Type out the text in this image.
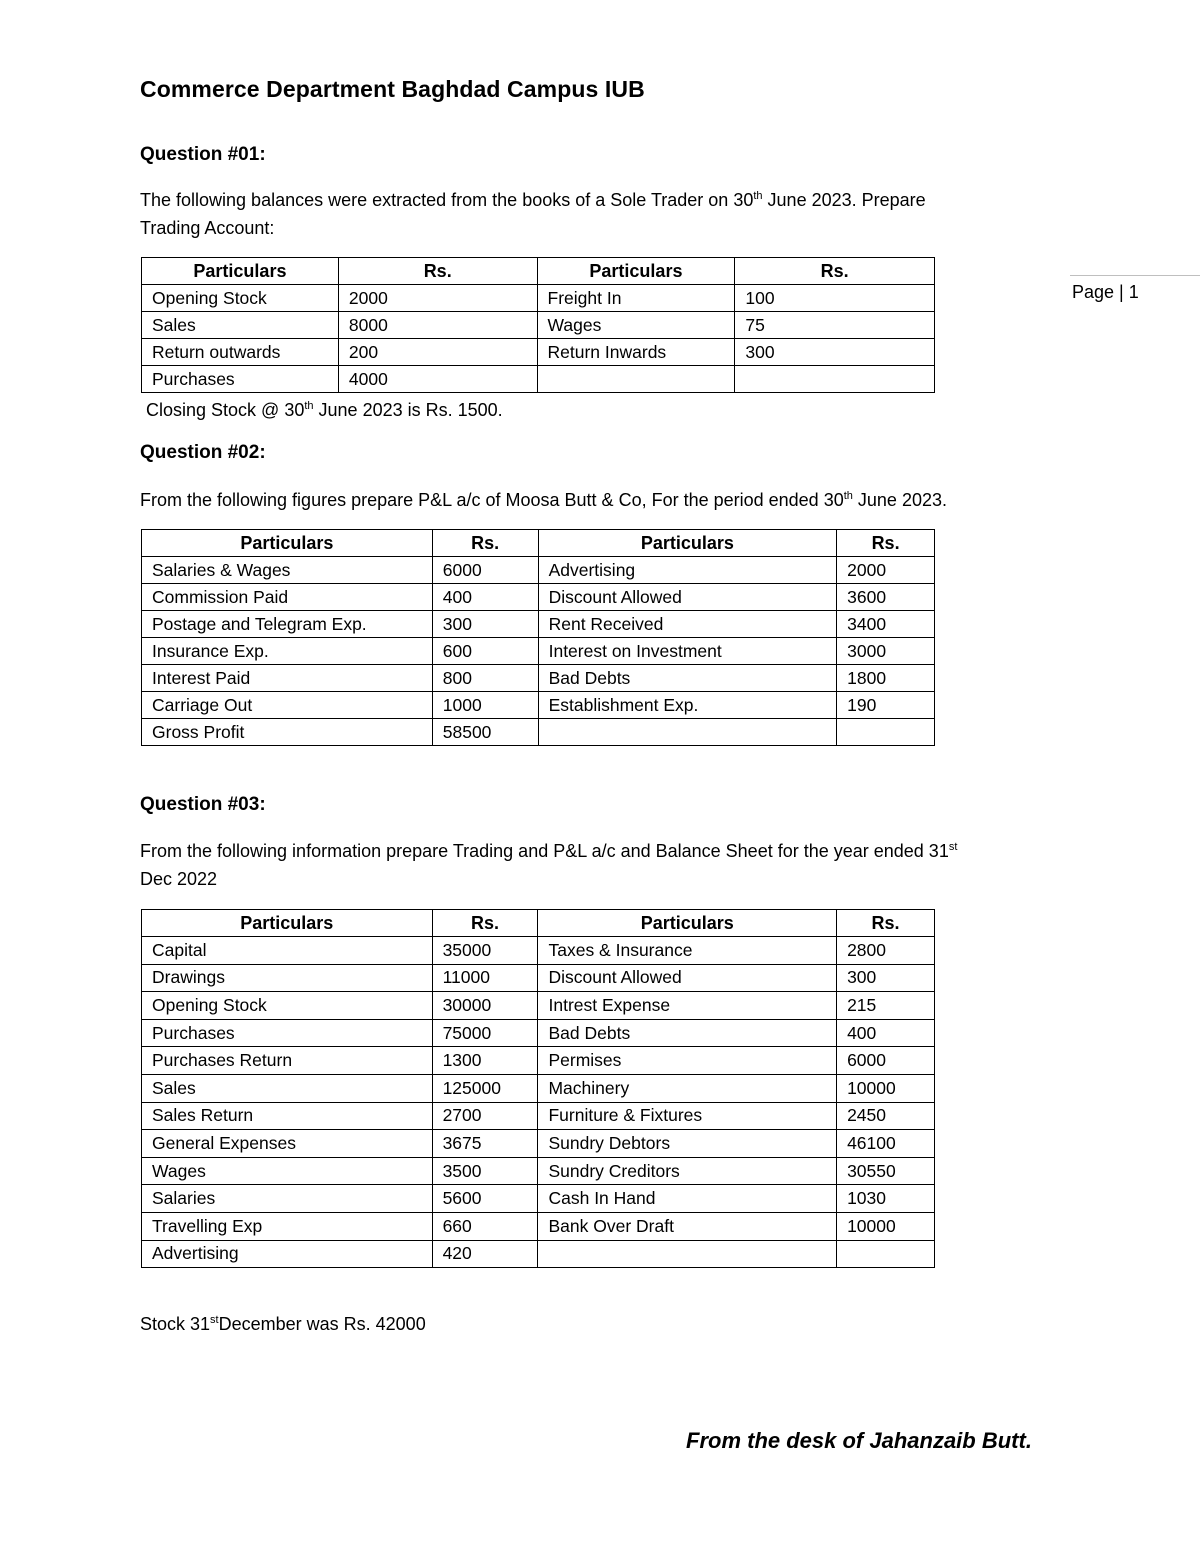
Commerce Department Baghdad Campus IUB
Page | 1
Question #01:
The following balances were extracted from the books of a Sole Trader on 30th June 2023. Prepare
Trading Account:
Particulars	Rs.	Particulars	Rs.
Opening Stock	2000	Freight In	100
Sales	8000	Wages	75
Return outwards	200	Return Inwards	300
Purchases	4000		
Closing Stock @ 30th June 2023 is Rs. 1500.
Question #02:
From the following figures prepare P&L a/c of Moosa Butt & Co, For the period ended 30th June 2023.
Particulars	Rs.	Particulars	Rs.
Salaries & Wages	6000	Advertising	2000
Commission Paid	400	Discount Allowed	3600
Postage and Telegram Exp.	300	Rent Received	3400
Insurance Exp.	600	Interest on Investment	3000
Interest Paid	800	Bad Debts	1800
Carriage Out	1000	Establishment Exp.	190
Gross Profit	58500		
Question #03:
From the following information prepare Trading and P&L a/c and Balance Sheet for the year ended 31st
Dec 2022
Particulars	Rs.	Particulars	Rs.
Capital	35000	Taxes & Insurance	2800
Drawings	11000	Discount Allowed	300
Opening Stock	30000	Intrest Expense	215
Purchases	75000	Bad Debts	400
Purchases Return	1300	Permises	6000
Sales	125000	Machinery	10000
Sales Return	2700	Furniture & Fixtures	2450
General Expenses	3675	Sundry Debtors	46100
Wages	3500	Sundry Creditors	30550
Salaries	5600	Cash In Hand	1030
Travelling Exp	660	Bank Over Draft	10000
Advertising	420		
Stock 31stDecember was Rs. 42000
From the desk of Jahanzaib Butt.
